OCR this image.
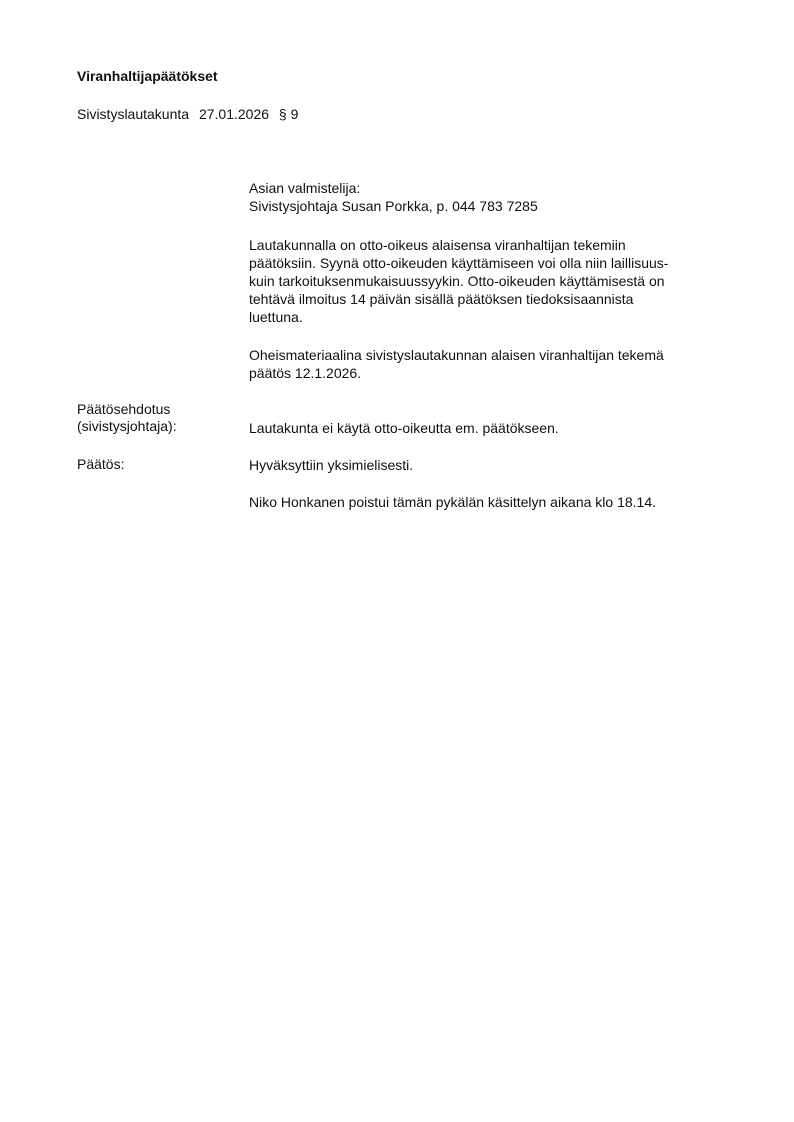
Viranhaltijapäätökset
Sivistyslautakunta 27.01.2026 § 9
Asian valmistelija:
Sivistysjohtaja Susan Porkka, p. 044 783 7285
Lautakunnalla on otto-oikeus alaisensa viranhaltijan tekemiin
päätöksiin. Syynä otto-oikeuden käyttämiseen voi olla niin laillisuus-
kuin tarkoituksenmukaisuussyykin. Otto-oikeuden käyttämisestä on
tehtävä ilmoitus 14 päivän sisällä päätöksen tiedoksisaannista
luettuna.
Oheismateriaalina sivistyslautakunnan alaisen viranhaltijan tekemä
päätös 12.1.2026.
Päätösehdotus
(sivistysjohtaja):	Lautakunta ei käytä otto-oikeutta em. päätökseen.
Päätös:	Hyväksyttiin yksimielisesti.
Niko Honkanen poistui tämän pykälän käsittelyn aikana klo 18.14.
